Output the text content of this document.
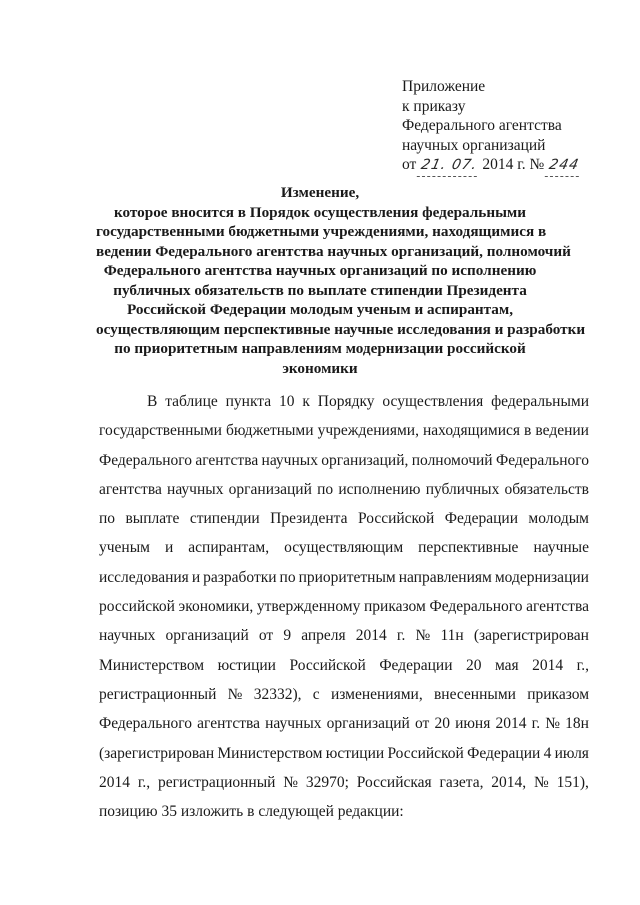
Приложение
к приказу
Федерального агентства
научных организаций
от 21. 07. 2014 г. № 244
Изменение,
которое вносится в Порядок осуществления федеральными
государственными бюджетными учреждениями, находящимися в
ведении Федерального агентства научных организаций, полномочий
Федерального агентства научных организаций по исполнению
публичных обязательств по выплате стипендии Президента
Российской Федерации молодым ученым и аспирантам,
осуществляющим перспективные научные исследования и разработки
по приоритетным направлениям модернизации российской
экономики
В таблице пункта 10 к Порядку осуществления федеральными
государственными бюджетными учреждениями, находящимися в ведении
Федерального агентства научных организаций, полномочий Федерального
агентства научных организаций по исполнению публичных обязательств
по выплате стипендии Президента Российской Федерации молодым
ученым и аспирантам, осуществляющим перспективные научные
исследования и разработки по приоритетным направлениям модернизации
российской экономики, утвержденному приказом Федерального агентства
научных организаций от 9 апреля 2014 г. № 11н (зарегистрирован
Министерством юстиции Российской Федерации 20 мая 2014 г.,
регистрационный № 32332), с изменениями, внесенными приказом
Федерального агентства научных организаций от 20 июня 2014 г. № 18н
(зарегистрирован Министерством юстиции Российской Федерации 4 июля
2014 г., регистрационный № 32970; Российская газета, 2014, № 151),
позицию 35 изложить в следующей редакции:
